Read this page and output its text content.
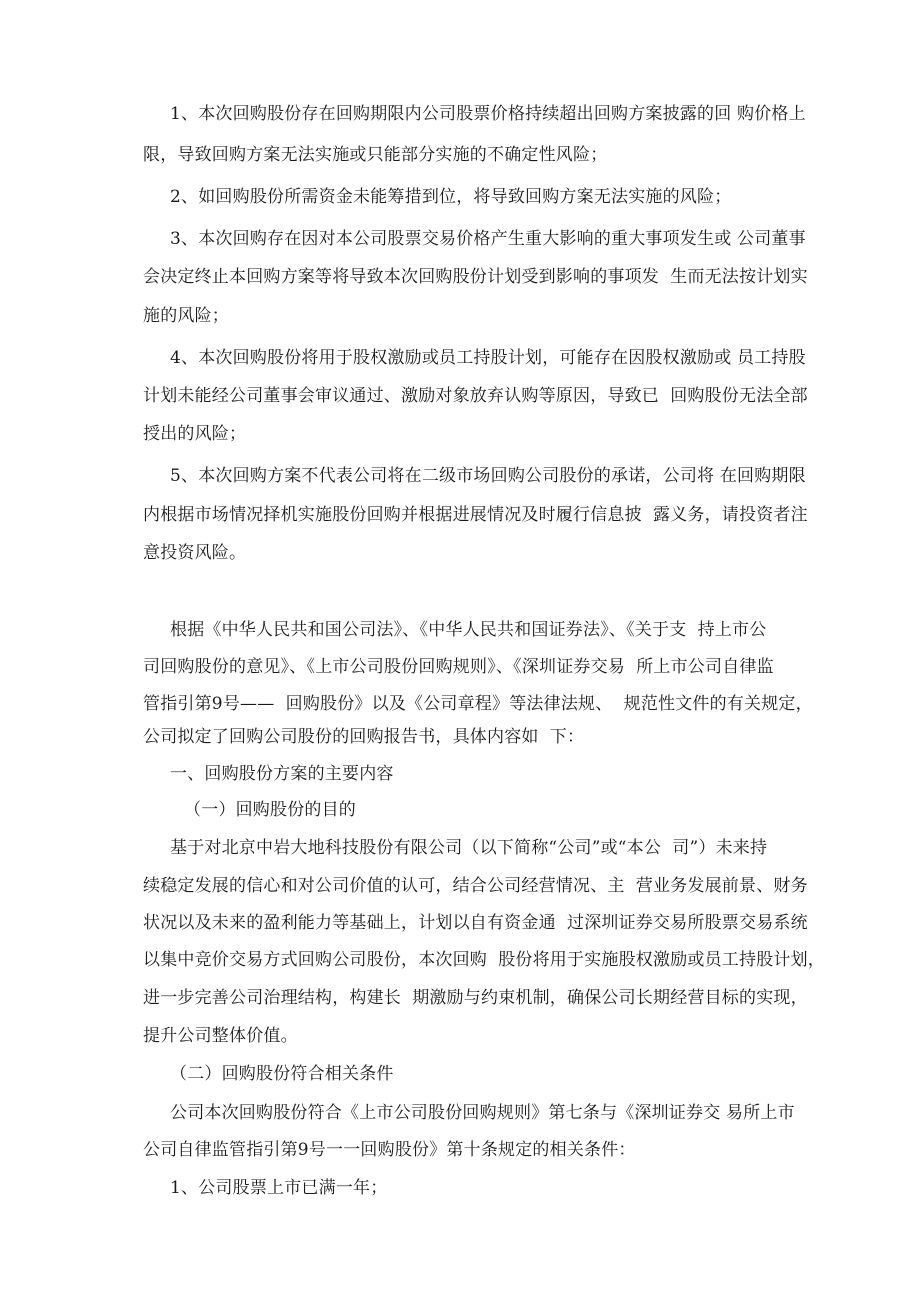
1、本次回购股份存在回购期限内公司股票价格持续超出回购方案披露的回 购价格上
限，导致回购方案无法实施或只能部分实施的不确定性风险；
2、如回购股份所需资金未能筹措到位，将导致回购方案无法实施的风险；
3、本次回购存在因对本公司股票交易价格产生重大影响的重大事项发生或 公司董事
会决定终止本回购方案等将导致本次回购股份计划受到影响的事项发  生而无法按计划实
施的风险；
4、本次回购股份将用于股权激励或员工持股计划，可能存在因股权激励或 员工持股
计划未能经公司董事会审议通过、激励对象放弃认购等原因，导致已  回购股份无法全部
授出的风险；
5、本次回购方案不代表公司将在二级市场回购公司股份的承诺，公司将 在回购期限
内根据市场情况择机实施股份回购并根据进展情况及时履行信息披  露义务，请投资者注
意投资风险。
根据《中华人民共和国公司法》、《中华人民共和国证券法》、《关于支  持上市公
司回购股份的意见》、《上市公司股份回购规则》、《深圳证券交易  所上市公司自律监
管指引第9号——  回购股份》以及《公司章程》等法律法规、  规范性文件的有关规定，
公司拟定了回购公司股份的回购报告书，具体内容如  下：
一、回购股份方案的主要内容
（一）回购股份的目的
基于对北京中岩大地科技股份有限公司（以下简称“公司”或“本公  司”）未来持
续稳定发展的信心和对公司价值的认可，结合公司经营情况、主  营业务发展前景、财务
状况以及未来的盈利能力等基础上，计划以自有资金通  过深圳证券交易所股票交易系统
以集中竞价交易方式回购公司股份，本次回购  股份将用于实施股权激励或员工持股计划，
进一步完善公司治理结构，构建长  期激励与约束机制，确保公司长期经营目标的实现，
提升公司整体价值。
（二）回购股份符合相关条件
公司本次回购股份符合《上市公司股份回购规则》第七条与《深圳证券交 易所上市
公司自律监管指引第9号一一回购股份》第十条规定的相关条件：
1、公司股票上市已满一年；
